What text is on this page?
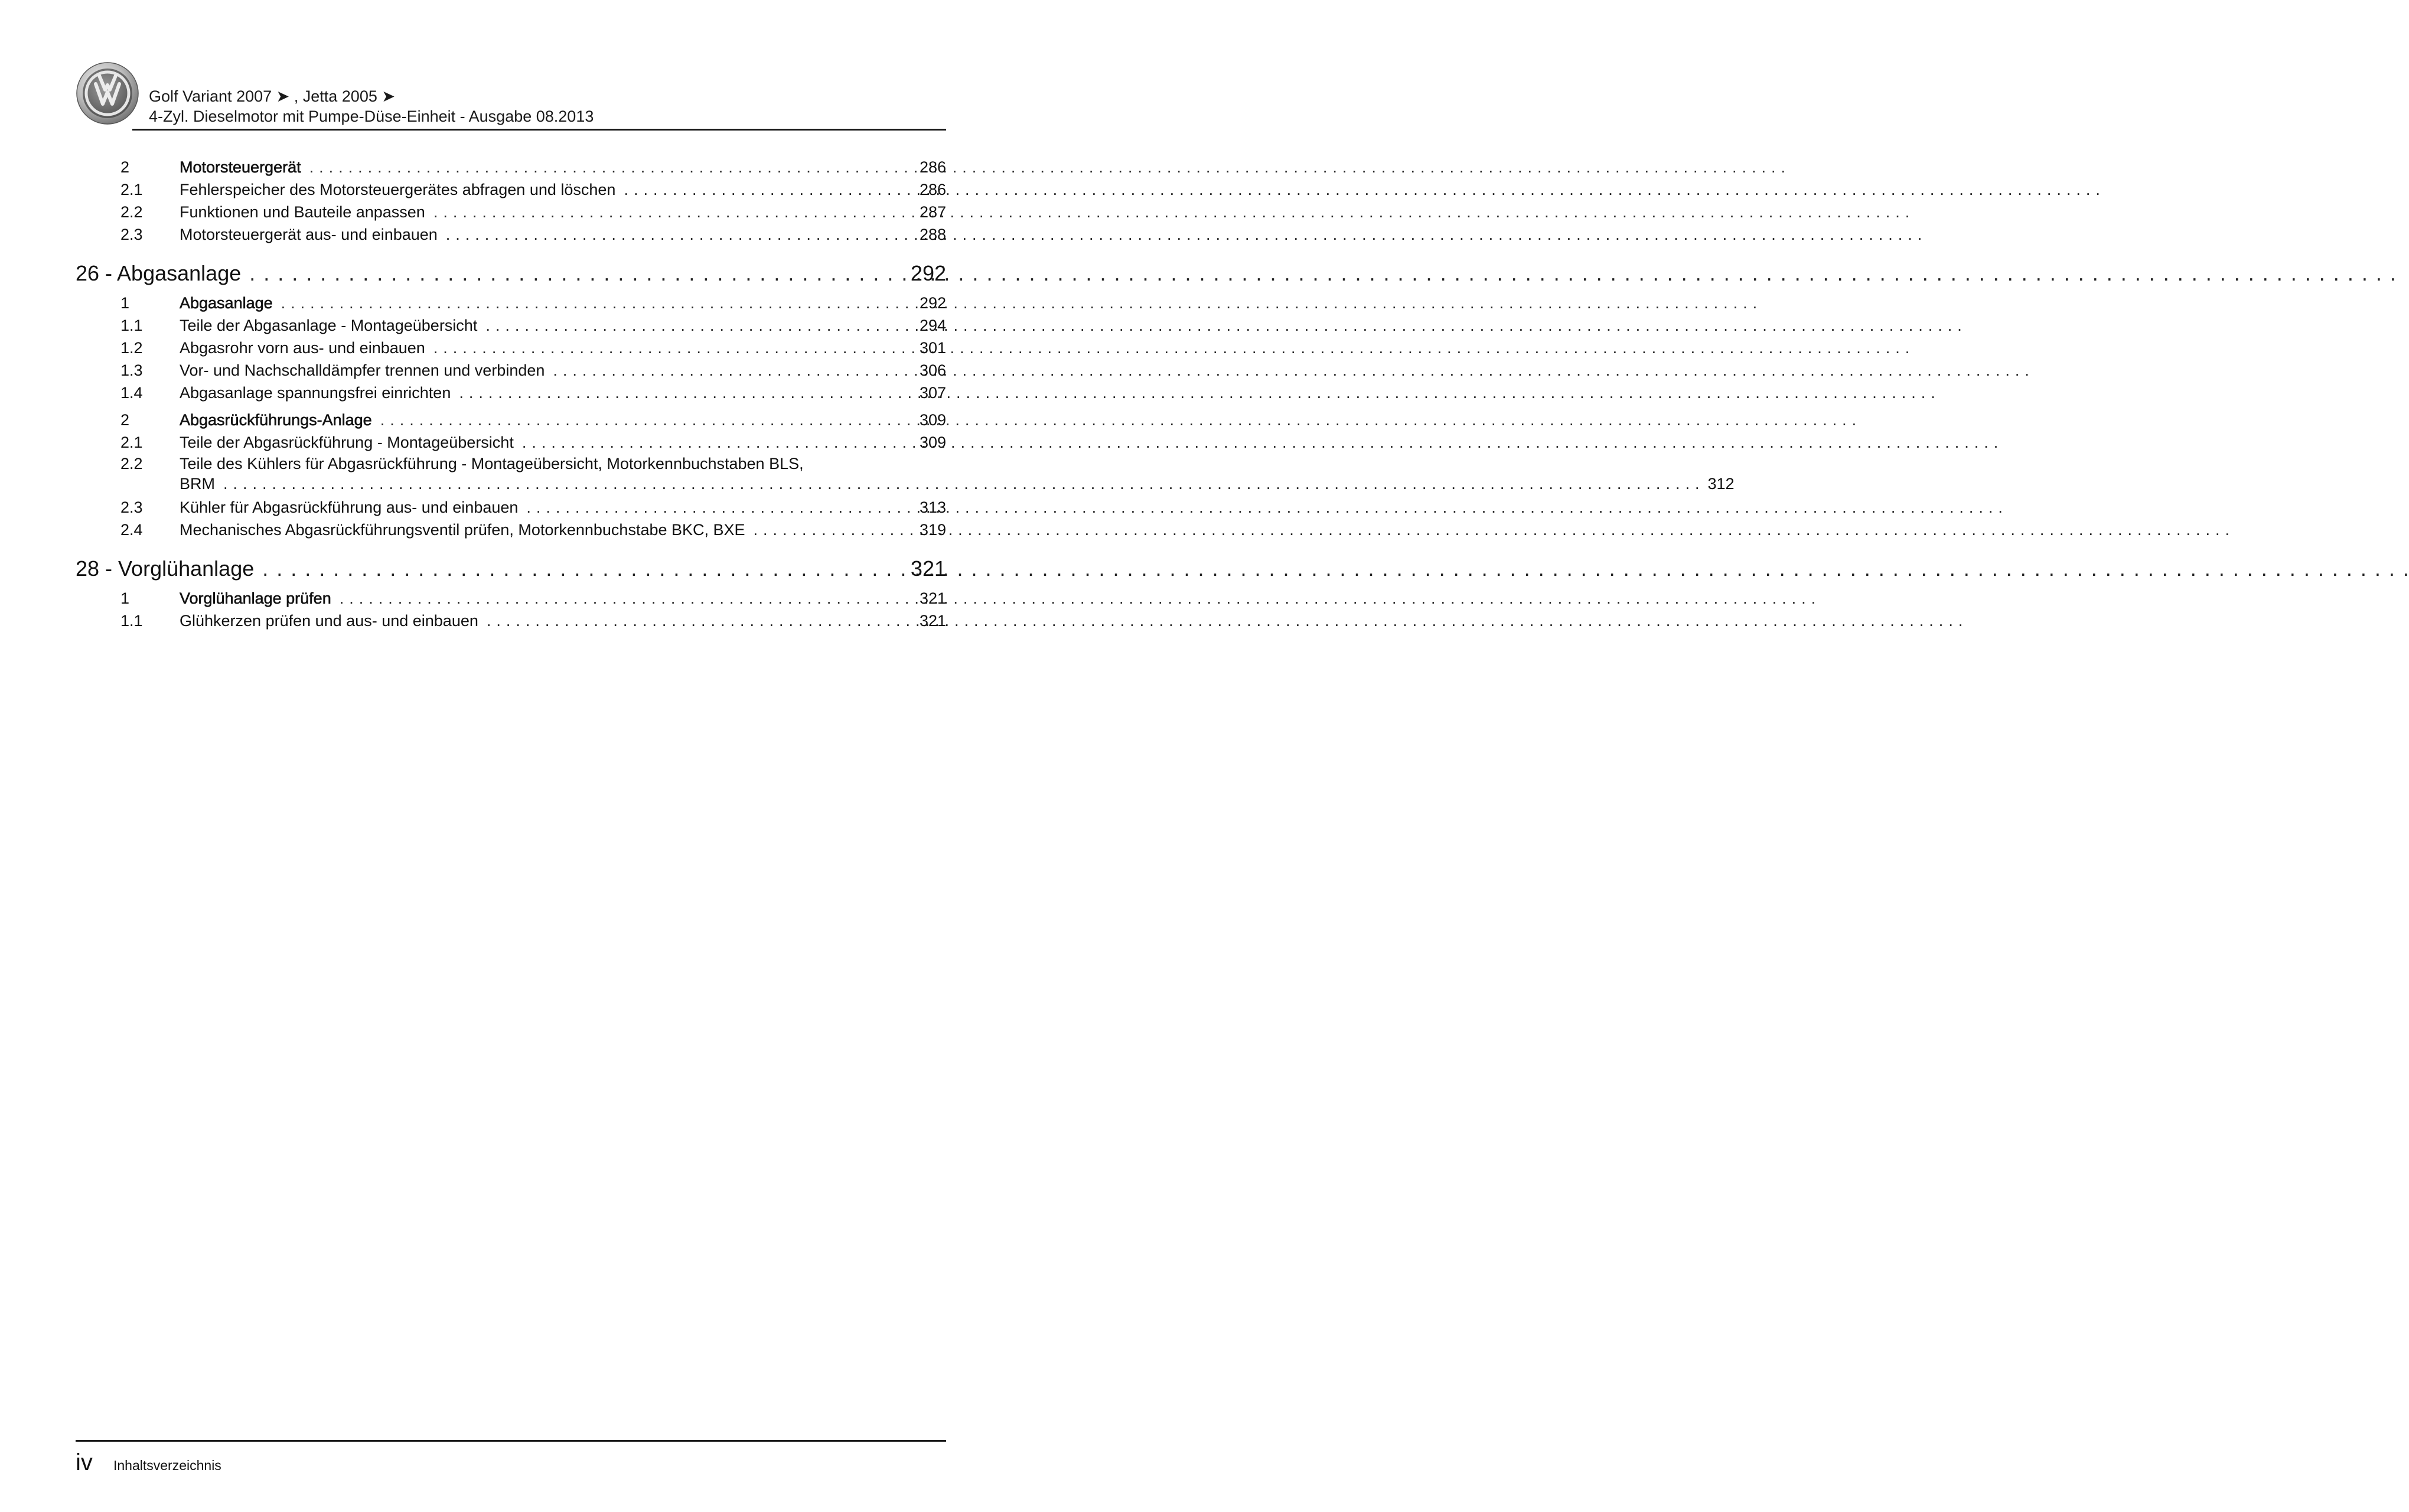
Golf Variant 2007 ➤ , Jetta 2005 ➤
4-Zyl. Dieselmotor mit Pumpe-Düse-Einheit - Ausgabe 08.2013
2	Motorsteuergerät . . .	286
2.1	Fehlerspeicher des Motorsteuergerätes abfragen und löschen . . .	286
2.2	Funktionen und Bauteile anpassen . . .	287
2.3	Motorsteuergerät aus- und einbauen . . .	288
26 - Abgasanlage . . .	292
1	Abgasanlage . . .	292
1.1	Teile der Abgasanlage - Montageübersicht . . .	294
1.2	Abgasrohr vorn aus- und einbauen . . .	301
1.3	Vor- und Nachschalldämpfer trennen und verbinden . . .	306
1.4	Abgasanlage spannungsfrei einrichten . . .	307
2	Abgasrückführungs-Anlage . . .	309
2.1	Teile der Abgasrückführung - Montageübersicht . . .	309
2.2	Teile des Kühlers für Abgasrückführung - Montageübersicht, Motorkennbuchstaben BLS,
BRM . . .	312
2.3	Kühler für Abgasrückführung aus- und einbauen . . .	313
2.4	Mechanisches Abgasrückführungsventil prüfen, Motorkennbuchstabe BKC, BXE . . .	319
28 - Vorglühanlage . . .	321
1	Vorglühanlage prüfen . . .	321
1.1	Glühkerzen prüfen und aus- und einbauen . . .	321
iv Inhaltsverzeichnis
